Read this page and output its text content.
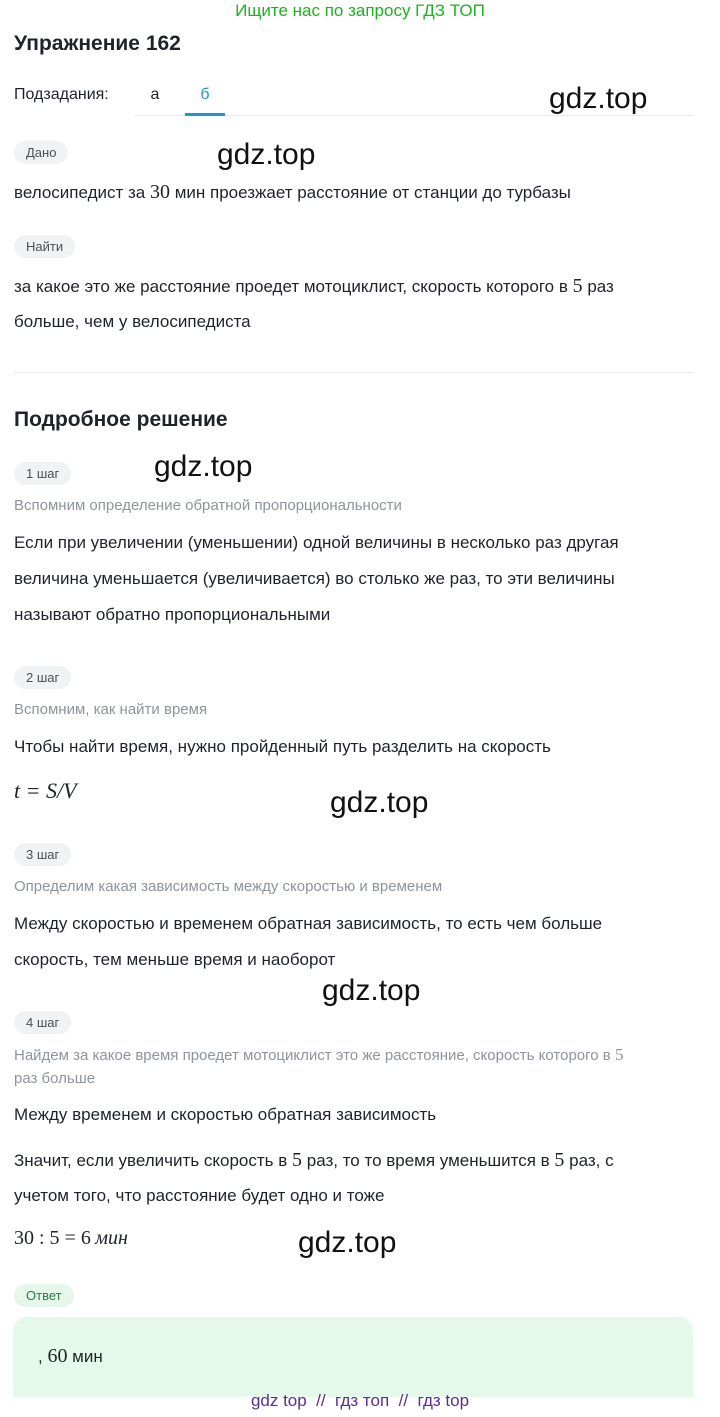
Ищите нас по запросу ГДЗ ТОП
Упражнение 162
Подзадания:	а	б	gdz.top
Дано	gdz.top
велосипедист за 30 мин проезжает расстояние от станции до турбазы
Найти
за какое это же расстояние проедет мотоциклист, скорость которого в 5 раз
больше, чем у велосипедиста
Подробное решение
1 шаг	gdz.top
Вспомним определение обратной пропорциональности
Если при увеличении (уменьшении) одной величины в несколько раз другая
величина уменьшается (увеличивается) во столько же раз, то эти величины
называют обратно пропорциональными
2 шаг
Вспомним, как найти время
Чтобы найти время, нужно пройденный путь разделить на скорость
t = S/V	gdz.top
3 шаг
Определим какая зависимость между скоростью и временем
Между скоростью и временем обратная зависимость, то есть чем больше
скорость, тем меньше время и наоборот
gdz.top
4 шаг
Найдем за какое время проедет мотоциклист это же расстояние, скорость которого в 5
раз больше
Между временем и скоростью обратная зависимость
Значит, если увеличить скорость в 5 раз, то то время уменьшится в 5 раз, с
учетом того, что расстояние будет одно и тоже
30 : 5 = 6 мин	gdz.top
Ответ
, 60 мин
gdz top  //  гдз топ  //  гдз top
